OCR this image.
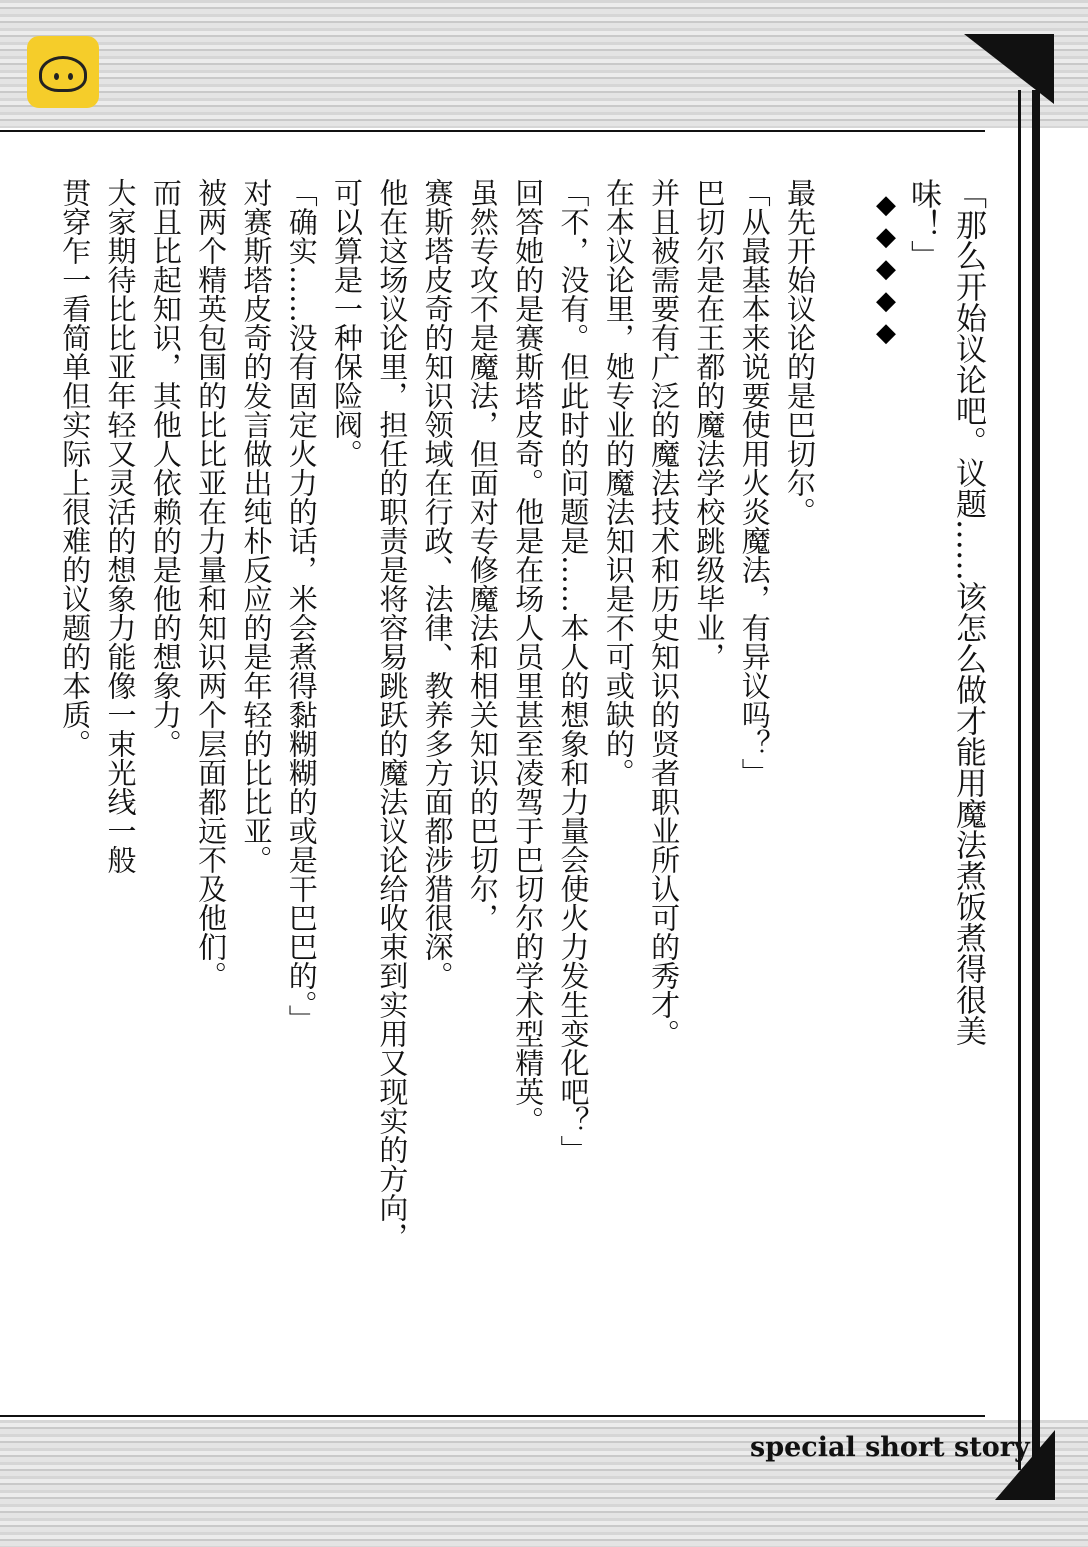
「那么开始议论吧。议题……该怎么做才能用魔法煮饭煮得很美味！」
◆◆◆◆◆
最先开始议论的是巴切尔。
「从最基本来说要使用火炎魔法，有异议吗？」
巴切尔是在王都的魔法学校跳级毕业，
并且被需要有广泛的魔法技术和历史知识的贤者职业所认可的秀才。
在本议论里，她专业的魔法知识是不可或缺的。
「不，没有。但此时的问题是……本人的想象和力量会使火力发生变化吧？」
回答她的是赛斯塔皮奇。他是在场人员里甚至凌驾于巴切尔的学术型精英。
虽然专攻不是魔法，但面对专修魔法和相关知识的巴切尔，
赛斯塔皮奇的知识领域在行政、法律、教养多方面都涉猎很深。
他在这场议论里，担任的职责是将容易跳跃的魔法议论给收束到实用又现实的方向，
可以算是一种保险阀。
「确实……没有固定火力的话，米会煮得黏糊糊的或是干巴巴的。」
对赛斯塔皮奇的发言做出纯朴反应的是年轻的比比亚。
被两个精英包围的比比亚在力量和知识两个层面都远不及他们。
而且比起知识，其他人依赖的是他的想象力。
大家期待比比亚年轻又灵活的想象力能像一束光线一般
贯穿乍一看简单但实际上很难的议题的本质。
special short story
